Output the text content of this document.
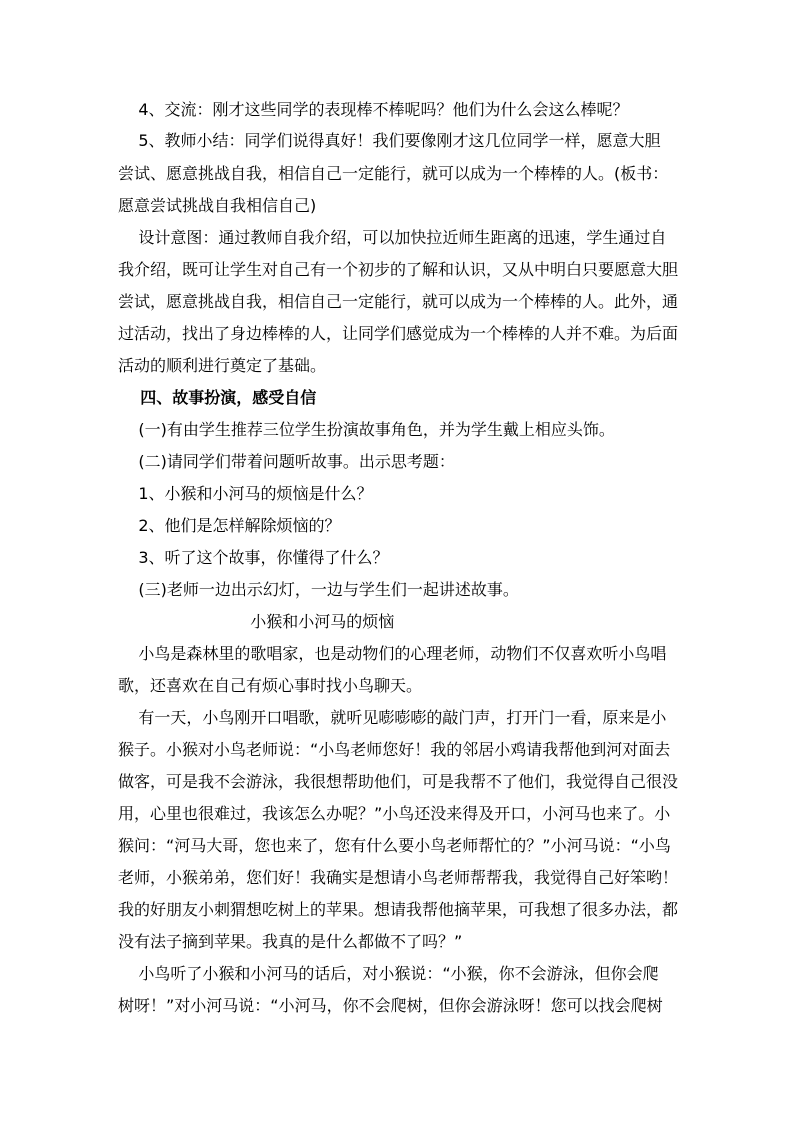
4、交流：刚才这些同学的表现棒不棒呢吗？他们为什么会这么棒呢？
5、教师小结：同学们说得真好！我们要像刚才这几位同学一样，愿意大胆
尝试、愿意挑战自我，相信自己一定能行，就可以成为一个棒棒的人。(板书：
愿意尝试挑战自我相信自己)
设计意图：通过教师自我介绍，可以加快拉近师生距离的迅速，学生通过自
我介绍，既可让学生对自己有一个初步的了解和认识，又从中明白只要愿意大胆
尝试，愿意挑战自我，相信自己一定能行，就可以成为一个棒棒的人。此外，通
过活动，找出了身边棒棒的人，让同学们感觉成为一个棒棒的人并不难。为后面
活动的顺利进行奠定了基础。
四、故事扮演，感受自信
(一)有由学生推荐三位学生扮演故事角色，并为学生戴上相应头饰。
(二)请同学们带着问题听故事。出示思考题：
1、小猴和小河马的烦恼是什么？
2、他们是怎样解除烦恼的？
3、听了这个故事，你懂得了什么？
(三)老师一边出示幻灯，一边与学生们一起讲述故事。
小猴和小河马的烦恼
小鸟是森林里的歌唱家，也是动物们的心理老师，动物们不仅喜欢听小鸟唱
歌，还喜欢在自己有烦心事时找小鸟聊天。
有一天，小鸟刚开口唱歌，就听见嘭嘭嘭的敲门声，打开门一看，原来是小
猴子。小猴对小鸟老师说：“小鸟老师您好！我的邻居小鸡请我帮他到河对面去
做客，可是我不会游泳，我很想帮助他们，可是我帮不了他们，我觉得自己很没
用，心里也很难过，我该怎么办呢？”小鸟还没来得及开口，小河马也来了。小
猴问：“河马大哥，您也来了，您有什么要小鸟老师帮忙的？”小河马说：“小鸟
老师，小猴弟弟，您们好！我确实是想请小鸟老师帮帮我，我觉得自己好笨哟！
我的好朋友小刺猬想吃树上的苹果。想请我帮他摘苹果，可我想了很多办法，都
没有法子摘到苹果。我真的是什么都做不了吗？”
小鸟听了小猴和小河马的话后，对小猴说：“小猴，你不会游泳，但你会爬
树呀！”对小河马说：“小河马，你不会爬树，但你会游泳呀！您可以找会爬树
